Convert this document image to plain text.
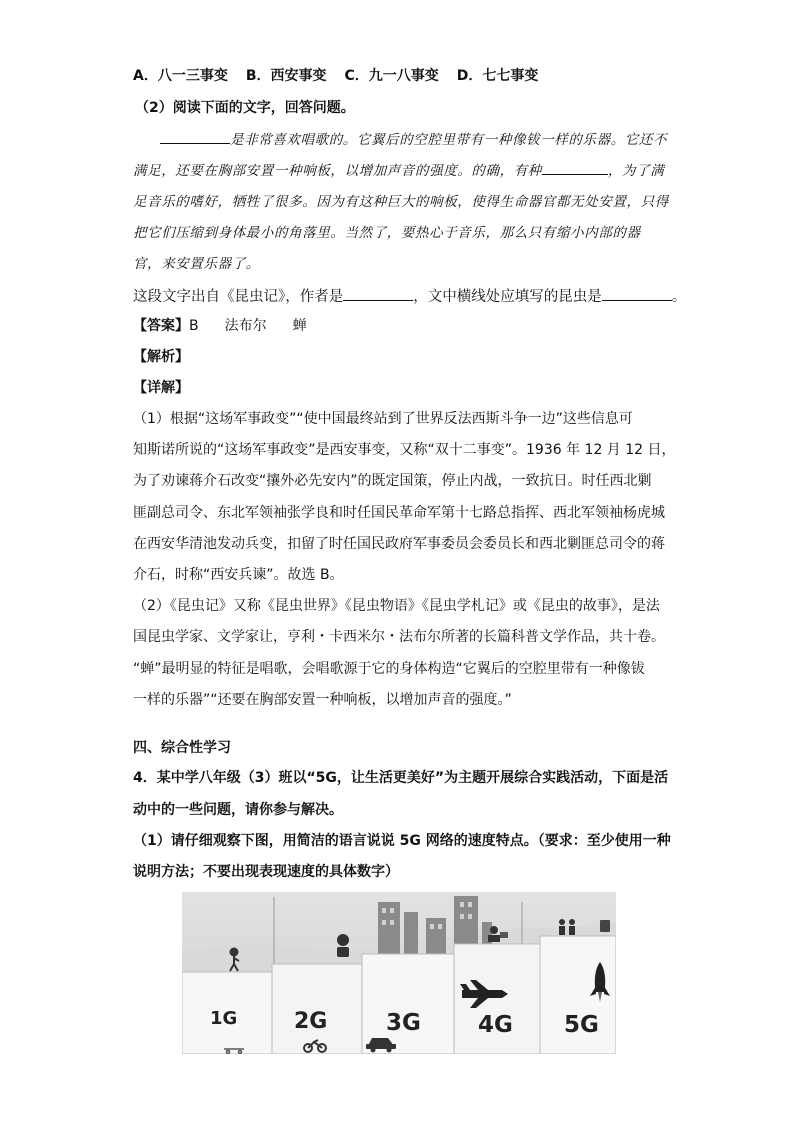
A．八一三事变 B．西安事变 C．九一八事变 D．七七事变
（2）阅读下面的文字，回答问题。
是非常喜欢唱歌的。它翼后的空腔里带有一种像钹一样的乐器。它还不
满足，还要在胸部安置一种响板，以增加声音的强度。的确，有种	，为了满
足音乐的嗜好，牺牲了很多。因为有这种巨大的响板，使得生命器官都无处安置，只得
把它们压缩到身体最小的角落里。当然了，要热心于音乐，那么只有缩小内部的器
官，来安置乐器了。
这段文字出自《昆虫记》，作者是	，文中横线处应填写的昆虫是	。
【答案】B 法布尔 蝉
【解析】
【详解】
（1）根据“这场军事政变”“使中国最终站到了世界反法西斯斗争一边”这些信息可
知斯诺所说的“这场军事政变”是西安事变，又称“双十二事变”。1936 年 12 月 12 日，
为了劝谏蒋介石改变“攘外必先安内”的既定国策，停止内战，一致抗日。时任西北剿
匪副总司令、东北军领袖张学良和时任国民革命军第十七路总指挥、西北军领袖杨虎城
在西安华清池发动兵变，扣留了时任国民政府军事委员会委员长和西北剿匪总司令的蒋
介石，时称“西安兵谏”。故选 B。
（2）《昆虫记》又称《昆虫世界》《昆虫物语》《昆虫学札记》或《昆虫的故事》，是法
国昆虫学家、文学家让，亨利・卡西米尔・法布尔所著的长篇科普文学作品，共十卷。
“蝉”最明显的特征是唱歌，会唱歌源于它的身体构造“它翼后的空腔里带有一种像钹
一样的乐器”“还要在胸部安置一种响板，以增加声音的强度。”
四、综合性学习
4．某中学八年级（3）班以“5G，让生活更美好”为主题开展综合实践活动，下面是活
动中的一些问题，请你参与解决。
（1）请仔细观察下图，用简洁的语言说说 5G 网络的速度特点。（要求：至少使用一种
说明方法；不要出现表现速度的具体数字）
1G	2G	3G 4G 5G
